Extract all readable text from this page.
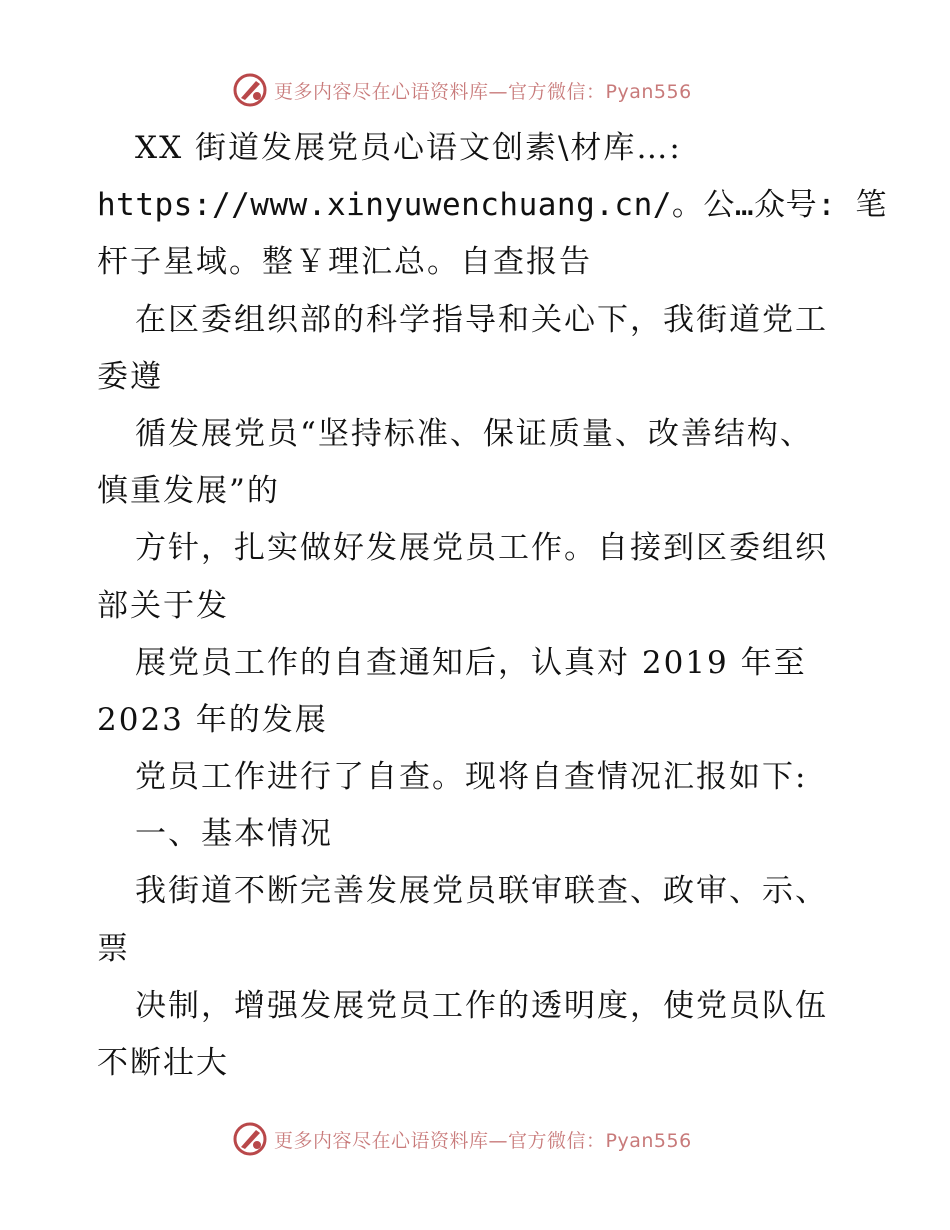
更多内容尽在心语资料库—官方微信：Pyan556
XX 街道发展党员心语文创素\材库…:
https://www.xinyuwenchuang.cn/。公…众号: 笔
杆子星域。整￥理汇总。自查报告
在区委组织部的科学指导和关心下，我街道党工
委遵
循发展党员“坚持标准、保证质量、改善结构、
慎重发展”的
方针，扎实做好发展党员工作。自接到区委组织
部关于发
展党员工作的自查通知后，认真对 2019 年至
2023 年的发展
党员工作进行了自查。现将自查情况汇报如下:
一、基本情况
我街道不断完善发展党员联审联查、政审、示、
票
决制，增强发展党员工作的透明度，使党员队伍
不断壮大
更多内容尽在心语资料库—官方微信：Pyan556
